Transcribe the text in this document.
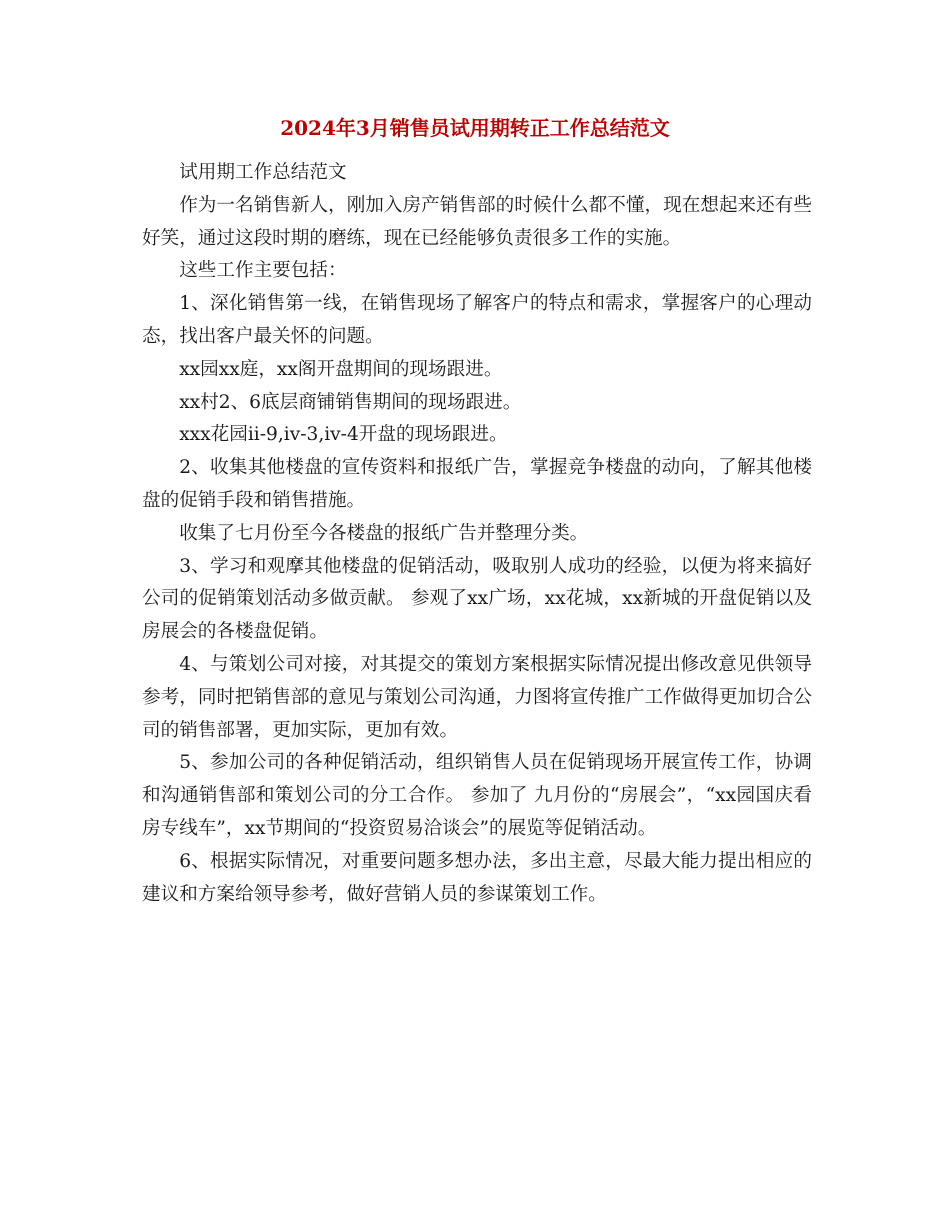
2024年3月销售员试用期转正工作总结范文

试用期工作总结范文

作为一名销售新人，刚加入房产销售部的时候什么都不懂，现在想起来还有些好笑，通过这段时期的磨练，现在已经能够负责很多工作的实施。

这些工作主要包括：

1、深化销售第一线，在销售现场了解客户的特点和需求，掌握客户的心理动态，找出客户最关怀的问题。

xx园xx庭，xx阁开盘期间的现场跟进。

xx村2、6底层商铺销售期间的现场跟进。

xxx花园ii-9,iv-3,iv-4开盘的现场跟进。

2、收集其他楼盘的宣传资料和报纸广告，掌握竞争楼盘的动向，了解其他楼盘的促销手段和销售措施。

收集了七月份至今各楼盘的报纸广告并整理分类。

3、学习和观摩其他楼盘的促销活动，吸取别人成功的经验，以便为将来搞好公司的促销策划活动多做贡献。 参观了xx广场，xx花城，xx新城的开盘促销以及房展会的各楼盘促销。

4、与策划公司对接，对其提交的策划方案根据实际情况提出修改意见供领导参考，同时把销售部的意见与策划公司沟通，力图将宣传推广工作做得更加切合公司的销售部署，更加实际，更加有效。

5、参加公司的各种促销活动，组织销售人员在促销现场开展宣传工作，协调和沟通销售部和策划公司的分工合作。 参加了 九月份的“房展会”，“xx园国庆看房专线车”，xx节期间的“投资贸易洽谈会”的展览等促销活动。

6、根据实际情况，对重要问题多想办法，多出主意，尽最大能力提出相应的建议和方案给领导参考，做好营销人员的参谋策划工作。
